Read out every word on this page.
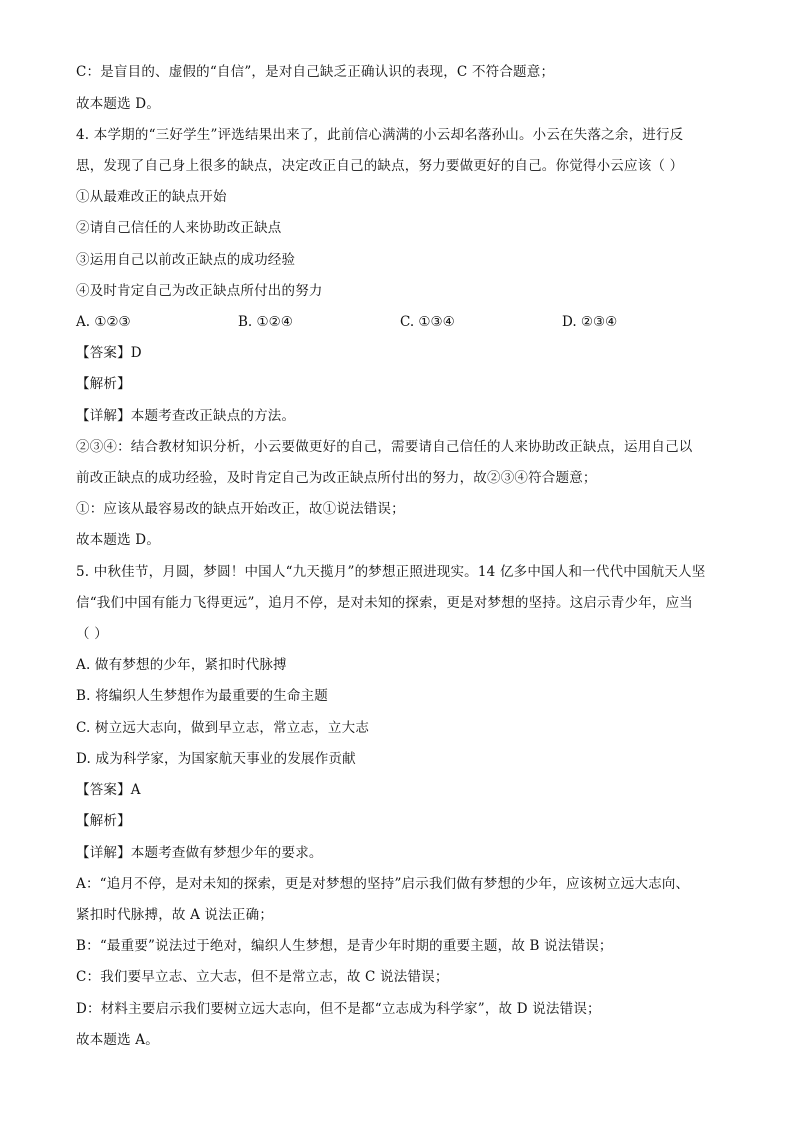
C：是盲目的、虚假的“自信”，是对自己缺乏正确认识的表现，C 不符合题意；
故本题选 D。
4. 本学期的“三好学生”评选结果出来了，此前信心满满的小云却名落孙山。小云在失落之余，进行反
思，发现了自己身上很多的缺点，决定改正自己的缺点，努力要做更好的自己。你觉得小云应该（ ）
①从最难改正的缺点开始
②请自己信任的人来协助改正缺点
③运用自己以前改正缺点的成功经验
④及时肯定自己为改正缺点所付出的努力
A. ①②③	B. ①②④	C. ①③④	D. ②③④
【答案】D
【解析】
【详解】本题考查改正缺点的方法。
②③④：结合教材知识分析，小云要做更好的自己，需要请自己信任的人来协助改正缺点，运用自己以
前改正缺点的成功经验，及时肯定自己为改正缺点所付出的努力，故②③④符合题意；
①：应该从最容易改的缺点开始改正，故①说法错误；
故本题选 D。
5. 中秋佳节，月圆，梦圆！中国人“九天揽月”的梦想正照进现实。14 亿多中国人和一代代中国航天人坚
信“我们中国有能力飞得更远”，追月不停，是对未知的探索，更是对梦想的坚持。这启示青少年，应当
（ ）
A. 做有梦想的少年，紧扣时代脉搏
B. 将编织人生梦想作为最重要的生命主题
C. 树立远大志向，做到早立志，常立志，立大志
D. 成为科学家，为国家航天事业的发展作贡献
【答案】A
【解析】
【详解】本题考查做有梦想少年的要求。
A：“追月不停，是对未知的探索，更是对梦想的坚持”启示我们做有梦想的少年，应该树立远大志向、
紧扣时代脉搏，故 A 说法正确；
B：“最重要”说法过于绝对，编织人生梦想，是青少年时期的重要主题，故 B 说法错误；
C：我们要早立志、立大志，但不是常立志，故 C 说法错误；
D：材料主要启示我们要树立远大志向，但不是都“立志成为科学家”，故 D 说法错误；
故本题选 A。
